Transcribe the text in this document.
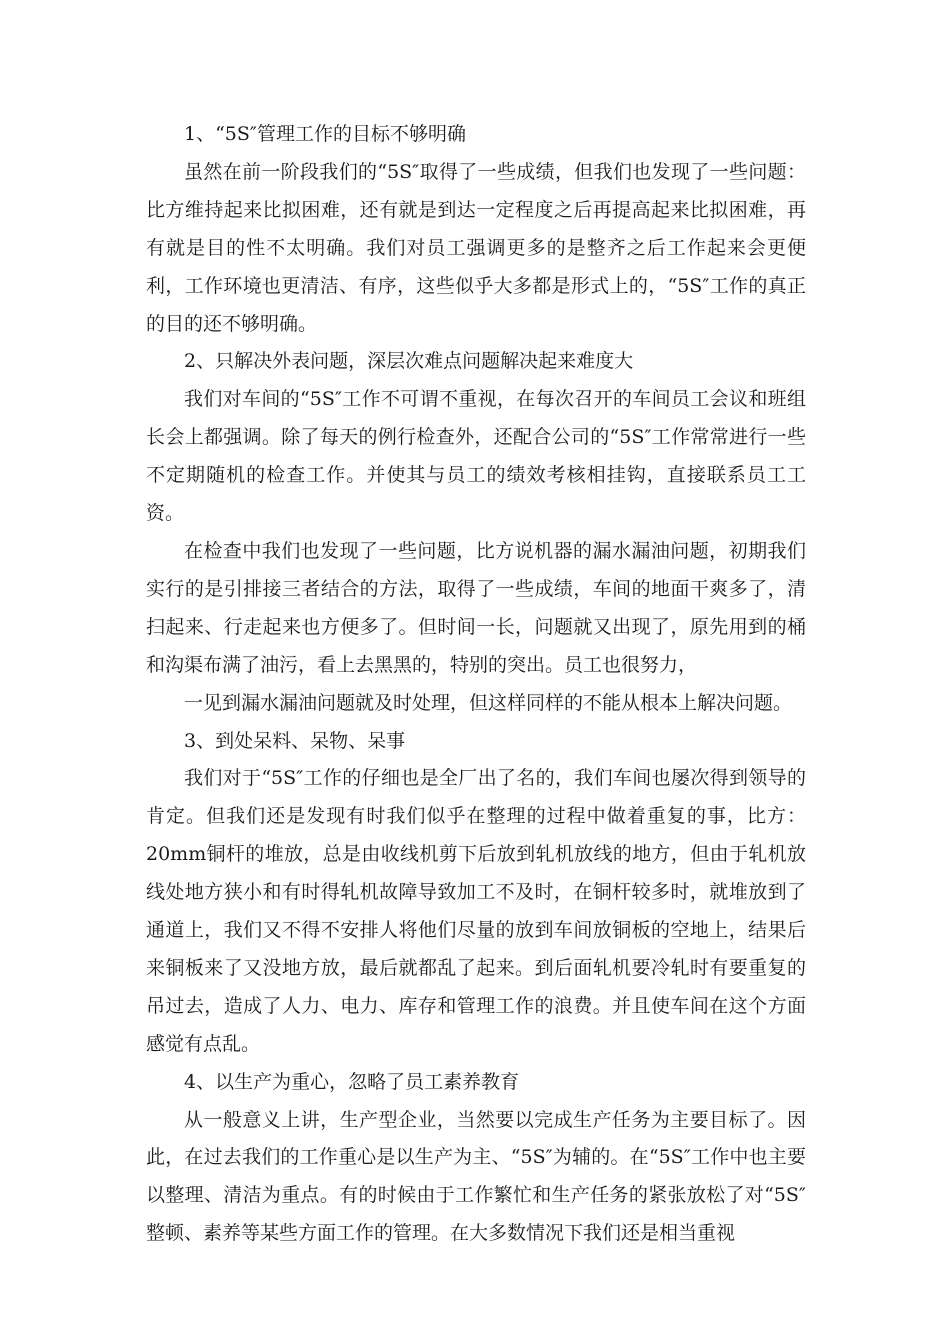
1、“5S″管理工作的目标不够明确

虽然在前一阶段我们的“5S″取得了一些成绩，但我们也发现了一些问题：比方维持起来比拟困难，还有就是到达一定程度之后再提高起来比拟困难，再有就是目的性不太明确。我们对员工强调更多的是整齐之后工作起来会更便利，工作环境也更清洁、有序，这些似乎大多都是形式上的，“5S″工作的真正的目的还不够明确。

2、只解决外表问题，深层次难点问题解决起来难度大

我们对车间的“5S″工作不可谓不重视，在每次召开的车间员工会议和班组长会上都强调。除了每天的例行检查外，还配合公司的“5S″工作常常进行一些不定期随机的检查工作。并使其与员工的绩效考核相挂钩，直接联系员工工资。

在检查中我们也发现了一些问题，比方说机器的漏水漏油问题，初期我们实行的是引排接三者结合的方法，取得了一些成绩，车间的地面干爽多了，清扫起来、行走起来也方便多了。但时间一长，问题就又出现了，原先用到的桶和沟渠布满了油污，看上去黑黑的，特别的突出。员工也很努力，

一见到漏水漏油问题就及时处理，但这样同样的不能从根本上解决问题。

3、到处呆料、呆物、呆事

我们对于“5S″工作的仔细也是全厂出了名的，我们车间也屡次得到领导的肯定。但我们还是发现有时我们似乎在整理的过程中做着重复的事，比方：20mm铜杆的堆放，总是由收线机剪下后放到轧机放线的地方，但由于轧机放线处地方狭小和有时得轧机故障导致加工不及时，在铜杆较多时，就堆放到了通道上，我们又不得不安排人将他们尽量的放到车间放铜板的空地上，结果后来铜板来了又没地方放，最后就都乱了起来。到后面轧机要冷轧时有要重复的吊过去，造成了人力、电力、库存和管理工作的浪费。并且使车间在这个方面感觉有点乱。

4、以生产为重心，忽略了员工素养教育

从一般意义上讲，生产型企业，当然要以完成生产任务为主要目标了。因此，在过去我们的工作重心是以生产为主、“5S″为辅的。在“5S″工作中也主要以整理、清洁为重点。有的时候由于工作繁忙和生产任务的紧张放松了对“5S″整顿、素养等某些方面工作的管理。在大多数情况下我们还是相当重视
